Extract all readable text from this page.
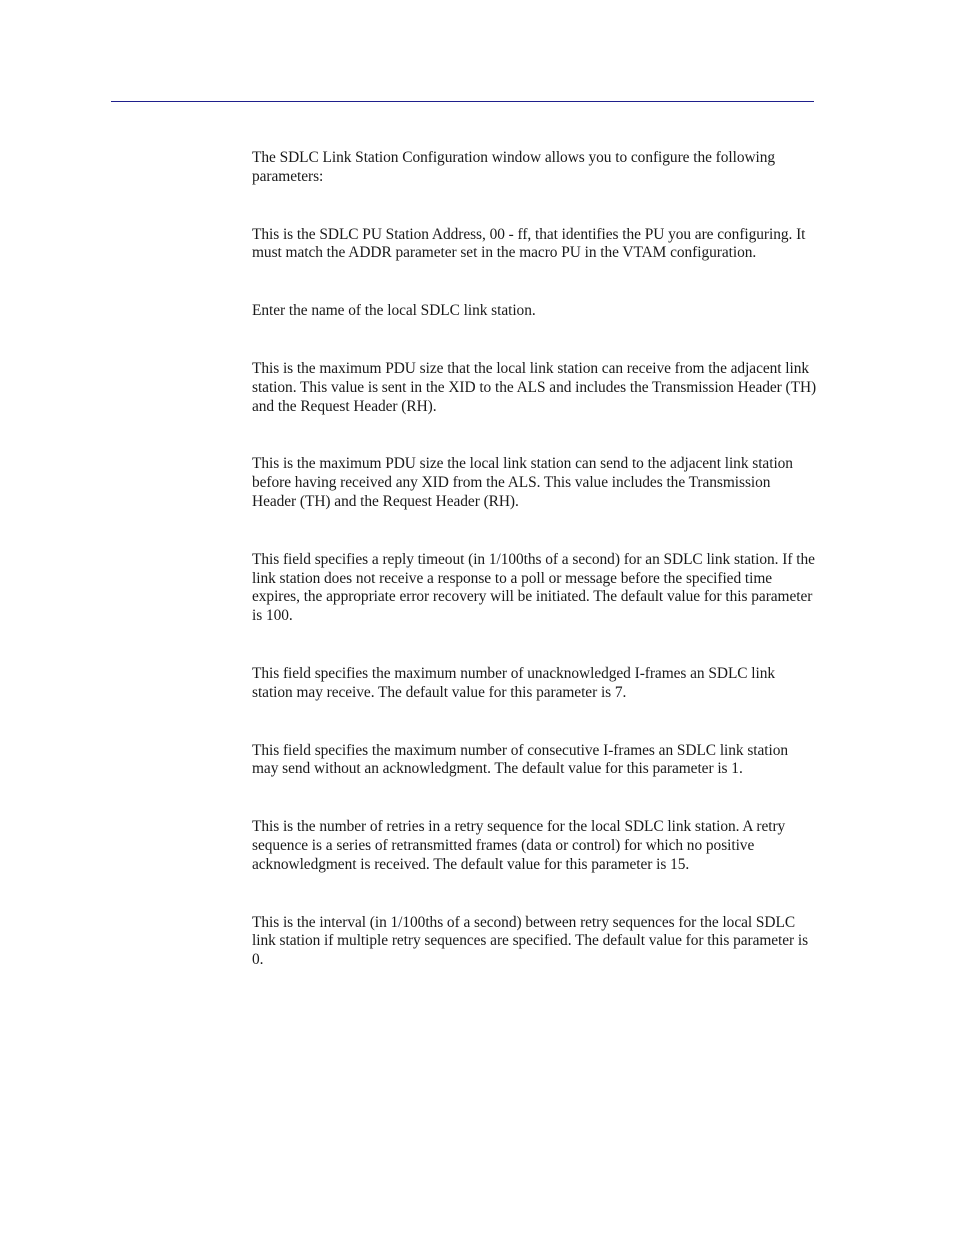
The SDLC Link Station Configuration window allows you to configure the following parameters:

This is the SDLC PU Station Address, 00 - ff, that identifies the PU you are configuring. It must match the ADDR parameter set in the macro PU in the VTAM configuration.

Enter the name of the local SDLC link station.

This is the maximum PDU size that the local link station can receive from the adjacent link station. This value is sent in the XID to the ALS and includes the Transmission Header (TH) and the Request Header (RH).

This is the maximum PDU size the local link station can send to the adjacent link station before having received any XID from the ALS. This value includes the Transmission Header (TH) and the Request Header (RH).

This field specifies a reply timeout (in 1/100ths of a second) for an SDLC link station. If the link station does not receive a response to a poll or message before the specified time expires, the appropriate error recovery will be initiated. The default value for this parameter is 100.

This field specifies the maximum number of unacknowledged I-frames an SDLC link station may receive. The default value for this parameter is 7.

This field specifies the maximum number of consecutive I-frames an SDLC link station may send without an acknowledgment. The default value for this parameter is 1.

This is the number of retries in a retry sequence for the local SDLC link station. A retry sequence is a series of retransmitted frames (data or control) for which no positive acknowledgment is received. The default value for this parameter is 15.

This is the interval (in 1/100ths of a second) between retry sequences for the local SDLC link station if multiple retry sequences are specified. The default value for this parameter is 0.
